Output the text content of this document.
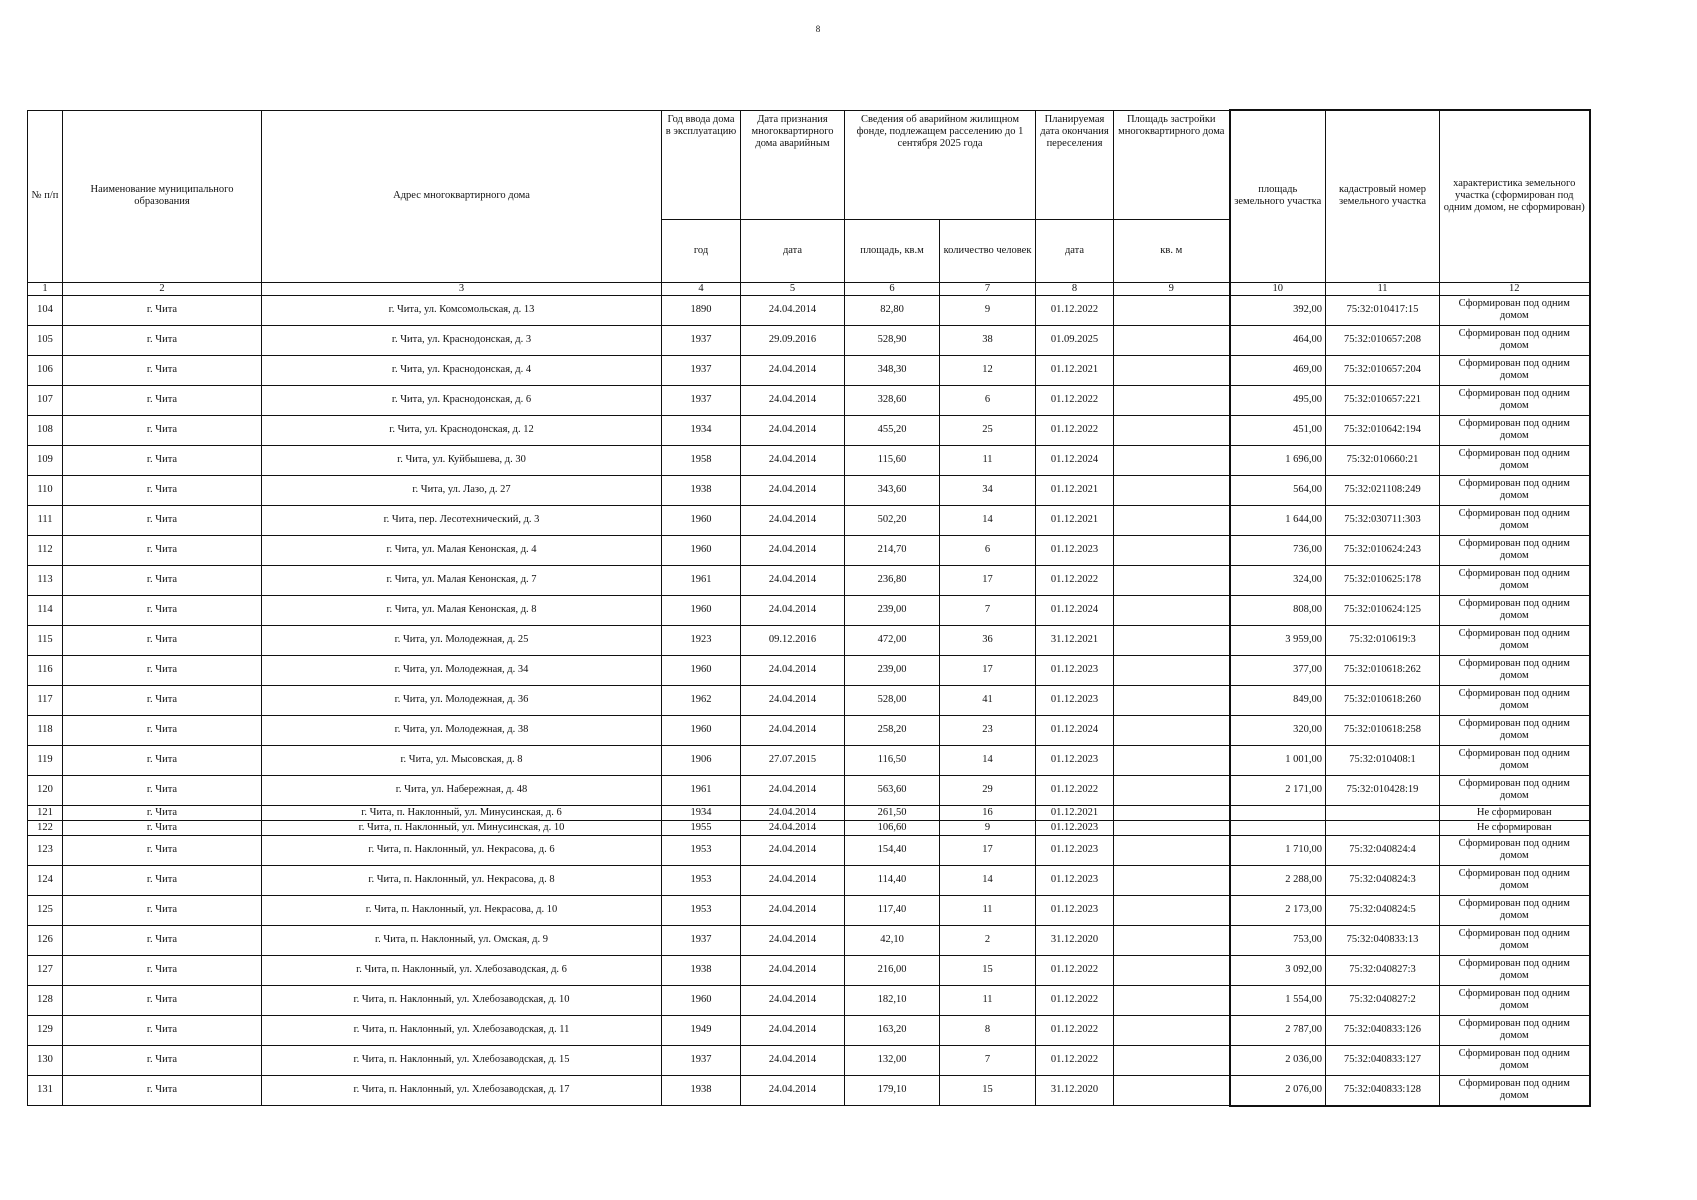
8
№ п/п	Наименование муниципального образования	Адрес многоквартирного дома	Год ввода дома в эксплуатацию	Дата признания многоквартирного дома аварийным	Сведения об аварийном жилищном фонде, подлежащем расселению до 1 сентября 2025 года		Планируемая дата окончания переселения	Площадь застройки многоквартирного дома	площадь земельного участка	кадастровый номер земельного участка	характеристика земельного участка (сформирован под одним домом, не сформирован)
			год	дата	площадь, кв.м	количество человек	дата	кв. м			
1	2	3	4	5	6	7	8	9	10	11	12
104	г. Чита	г. Чита, ул. Комсомольская, д. 13	1890	24.04.2014	82,80	9	01.12.2022		392,00	75:32:010417:15	Сформирован под одним домом
105	г. Чита	г. Чита, ул. Краснодонская, д. 3	1937	29.09.2016	528,90	38	01.09.2025		464,00	75:32:010657:208	Сформирован под одним домом
106	г. Чита	г. Чита, ул. Краснодонская, д. 4	1937	24.04.2014	348,30	12	01.12.2021		469,00	75:32:010657:204	Сформирован под одним домом
107	г. Чита	г. Чита, ул. Краснодонская, д. 6	1937	24.04.2014	328,60	6	01.12.2022		495,00	75:32:010657:221	Сформирован под одним домом
108	г. Чита	г. Чита, ул. Краснодонская, д. 12	1934	24.04.2014	455,20	25	01.12.2022		451,00	75:32:010642:194	Сформирован под одним домом
109	г. Чита	г. Чита, ул. Куйбышева, д. 30	1958	24.04.2014	115,60	11	01.12.2024		1 696,00	75:32:010660:21	Сформирован под одним домом
110	г. Чита	г. Чита, ул. Лазо, д. 27	1938	24.04.2014	343,60	34	01.12.2021		564,00	75:32:021108:249	Сформирован под одним домом
111	г. Чита	г. Чита, пер. Лесотехнический, д. 3	1960	24.04.2014	502,20	14	01.12.2021		1 644,00	75:32:030711:303	Сформирован под одним домом
112	г. Чита	г. Чита, ул. Малая Кенонская, д. 4	1960	24.04.2014	214,70	6	01.12.2023		736,00	75:32:010624:243	Сформирован под одним домом
113	г. Чита	г. Чита, ул. Малая Кенонская, д. 7	1961	24.04.2014	236,80	17	01.12.2022		324,00	75:32:010625:178	Сформирован под одним домом
114	г. Чита	г. Чита, ул. Малая Кенонская, д. 8	1960	24.04.2014	239,00	7	01.12.2024		808,00	75:32:010624:125	Сформирован под одним домом
115	г. Чита	г. Чита, ул. Молодежная, д. 25	1923	09.12.2016	472,00	36	31.12.2021		3 959,00	75:32:010619:3	Сформирован под одним домом
116	г. Чита	г. Чита, ул. Молодежная, д. 34	1960	24.04.2014	239,00	17	01.12.2023		377,00	75:32:010618:262	Сформирован под одним домом
117	г. Чита	г. Чита, ул. Молодежная, д. 36	1962	24.04.2014	528,00	41	01.12.2023		849,00	75:32:010618:260	Сформирован под одним домом
118	г. Чита	г. Чита, ул. Молодежная, д. 38	1960	24.04.2014	258,20	23	01.12.2024		320,00	75:32:010618:258	Сформирован под одним домом
119	г. Чита	г. Чита, ул. Мысовская, д. 8	1906	27.07.2015	116,50	14	01.12.2023		1 001,00	75:32:010408:1	Сформирован под одним домом
120	г. Чита	г. Чита, ул. Набережная, д. 48	1961	24.04.2014	563,60	29	01.12.2022		2 171,00	75:32:010428:19	Сформирован под одним домом
121	г. Чита	г. Чита, п. Наклонный, ул. Минусинская, д. 6	1934	24.04.2014	261,50	16	01.12.2021				Не сформирован
122	г. Чита	г. Чита, п. Наклонный, ул. Минусинская, д. 10	1955	24.04.2014	106,60	9	01.12.2023				Не сформирован
123	г. Чита	г. Чита, п. Наклонный, ул. Некрасова, д. 6	1953	24.04.2014	154,40	17	01.12.2023		1 710,00	75:32:040824:4	Сформирован под одним домом
124	г. Чита	г. Чита, п. Наклонный, ул. Некрасова, д. 8	1953	24.04.2014	114,40	14	01.12.2023		2 288,00	75:32:040824:3	Сформирован под одним домом
125	г. Чита	г. Чита, п. Наклонный, ул. Некрасова, д. 10	1953	24.04.2014	117,40	11	01.12.2023		2 173,00	75:32:040824:5	Сформирован под одним домом
126	г. Чита	г. Чита, п. Наклонный, ул. Омская, д. 9	1937	24.04.2014	42,10	2	31.12.2020		753,00	75:32:040833:13	Сформирован под одним домом
127	г. Чита	г. Чита, п. Наклонный, ул. Хлебозаводская, д. 6	1938	24.04.2014	216,00	15	01.12.2022		3 092,00	75:32:040827:3	Сформирован под одним домом
128	г. Чита	г. Чита, п. Наклонный, ул. Хлебозаводская, д. 10	1960	24.04.2014	182,10	11	01.12.2022		1 554,00	75:32:040827:2	Сформирован под одним домом
129	г. Чита	г. Чита, п. Наклонный, ул. Хлебозаводская, д. 11	1949	24.04.2014	163,20	8	01.12.2022		2 787,00	75:32:040833:126	Сформирован под одним домом
130	г. Чита	г. Чита, п. Наклонный, ул. Хлебозаводская, д. 15	1937	24.04.2014	132,00	7	01.12.2022		2 036,00	75:32:040833:127	Сформирован под одним домом
131	г. Чита	г. Чита, п. Наклонный, ул. Хлебозаводская, д. 17	1938	24.04.2014	179,10	15	31.12.2020		2 076,00	75:32:040833:128	Сформирован под одним домом
